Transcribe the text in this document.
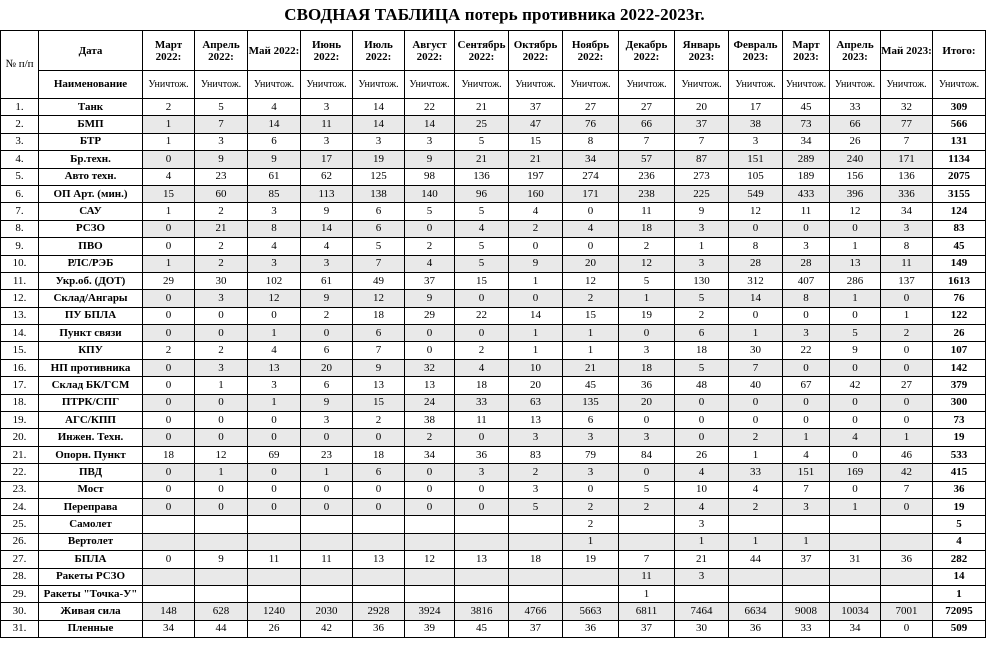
СВОДНАЯ ТАБЛИЦА потерь противника 2022-2023г.
№ п/п	Дата	Март 2022:	Апрель 2022:	Май 2022:	Июнь 2022:	Июль 2022:	Август 2022:	Сентябрь 2022:	Октябрь 2022:	Ноябрь 2022:	Декабрь 2022:	Январь 2023:	Февраль 2023:	Март 2023:	Апрель 2023:	Май 2023:	Итого:
	Наименование	Уничтож.	Уничтож.	Уничтож.	Уничтож.	Уничтож.	Уничтож.	Уничтож.	Уничтож.	Уничтож.	Уничтож.	Уничтож.	Уничтож.	Уничтож.	Уничтож.	Уничтож.	Уничтож.
1.	Танк	2	5	4	3	14	22	21	37	27	27	20	17	45	33	32	309
2.	БМП	1	7	14	11	14	14	25	47	76	66	37	38	73	66	77	566
3.	БТР	1	3	6	3	3	3	5	15	8	7	7	3	34	26	7	131
4.	Бр.техн.	0	9	9	17	19	9	21	21	34	57	87	151	289	240	171	1134
5.	Авто техн.	4	23	61	62	125	98	136	197	274	236	273	105	189	156	136	2075
6.	ОП Арт. (мин.)	15	60	85	113	138	140	96	160	171	238	225	549	433	396	336	3155
7.	САУ	1	2	3	9	6	5	5	4	0	11	9	12	11	12	34	124
8.	РСЗО	0	21	8	14	6	0	4	2	4	18	3	0	0	0	3	83
9.	ПВО	0	2	4	4	5	2	5	0	0	2	1	8	3	1	8	45
10.	РЛС/РЭБ	1	2	3	3	7	4	5	9	20	12	3	28	28	13	11	149
11.	Укр.об. (ДОТ)	29	30	102	61	49	37	15	1	12	5	130	312	407	286	137	1613
12.	Склад/Ангары	0	3	12	9	12	9	0	0	2	1	5	14	8	1	0	76
13.	ПУ БПЛА	0	0	0	2	18	29	22	14	15	19	2	0	0	0	1	122
14.	Пункт связи	0	0	1	0	6	0	0	1	1	0	6	1	3	5	2	26
15.	КПУ	2	2	4	6	7	0	2	1	1	3	18	30	22	9	0	107
16.	НП противника	0	3	13	20	9	32	4	10	21	18	5	7	0	0	0	142
17.	Склад БК/ГСМ	0	1	3	6	13	13	18	20	45	36	48	40	67	42	27	379
18.	ПТРК/СПГ	0	0	1	9	15	24	33	63	135	20	0	0	0	0	0	300
19.	АГС/КПП	0	0	0	3	2	38	11	13	6	0	0	0	0	0	0	73
20.	Инжен. Техн.	0	0	0	0	0	2	0	3	3	3	0	2	1	4	1	19
21.	Опорн. Пункт	18	12	69	23	18	34	36	83	79	84	26	1	4	0	46	533
22.	ПВД	0	1	0	1	6	0	3	2	3	0	4	33	151	169	42	415
23.	Мост	0	0	0	0	0	0	0	3	0	5	10	4	7	0	7	36
24.	Переправа	0	0	0	0	0	0	0	5	2	2	4	2	3	1	0	19
25.	Самолет									2		3					5
26.	Вертолет									1		1	1	1			4
27.	БПЛА	0	9	11	11	13	12	13	18	19	7	21	44	37	31	36	282
28.	Ракеты РСЗО										11	3					14
29.	Ракеты "Точка-У"										1						1
30.	Живая сила	148	628	1240	2030	2928	3924	3816	4766	5663	6811	7464	6634	9008	10034	7001	72095
31.	Пленные	34	44	26	42	36	39	45	37	36	37	30	36	33	34	0	509
